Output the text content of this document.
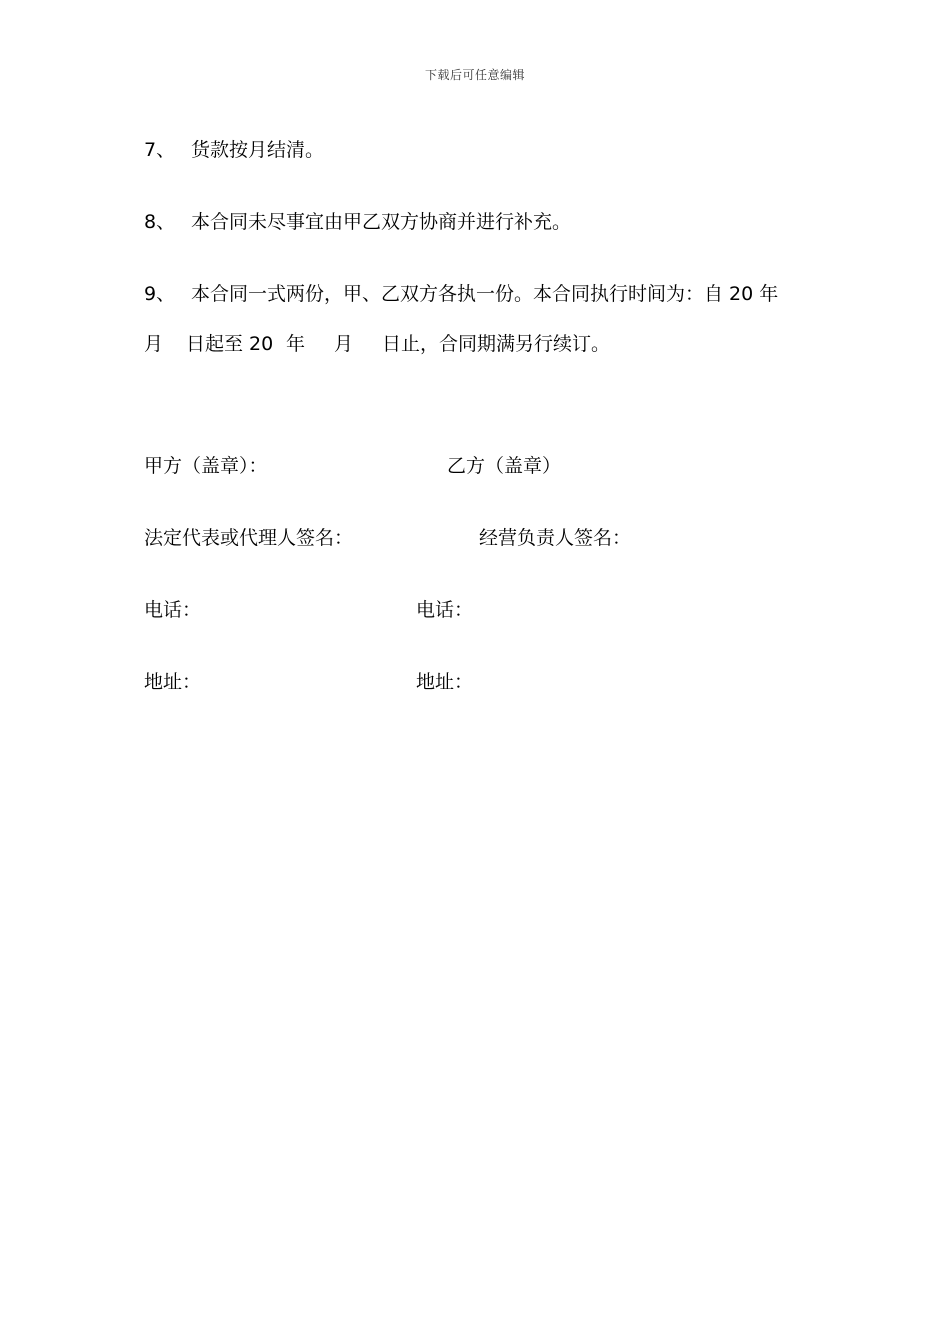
下载后可任意编辑
7、 货款按月结清。
8、 本合同未尽事宜由甲乙双方协商并进行补充。
9、 本合同一式两份，甲、乙双方各执一份。本合同执行时间为：自 20 年
月 日起至 20 年 月 日止，合同期满另行续订。
甲方（盖章）：	乙方（盖章）
法定代表或代理人签名：	经营负责人签名：
电话：	电话：
地址：	地址：
